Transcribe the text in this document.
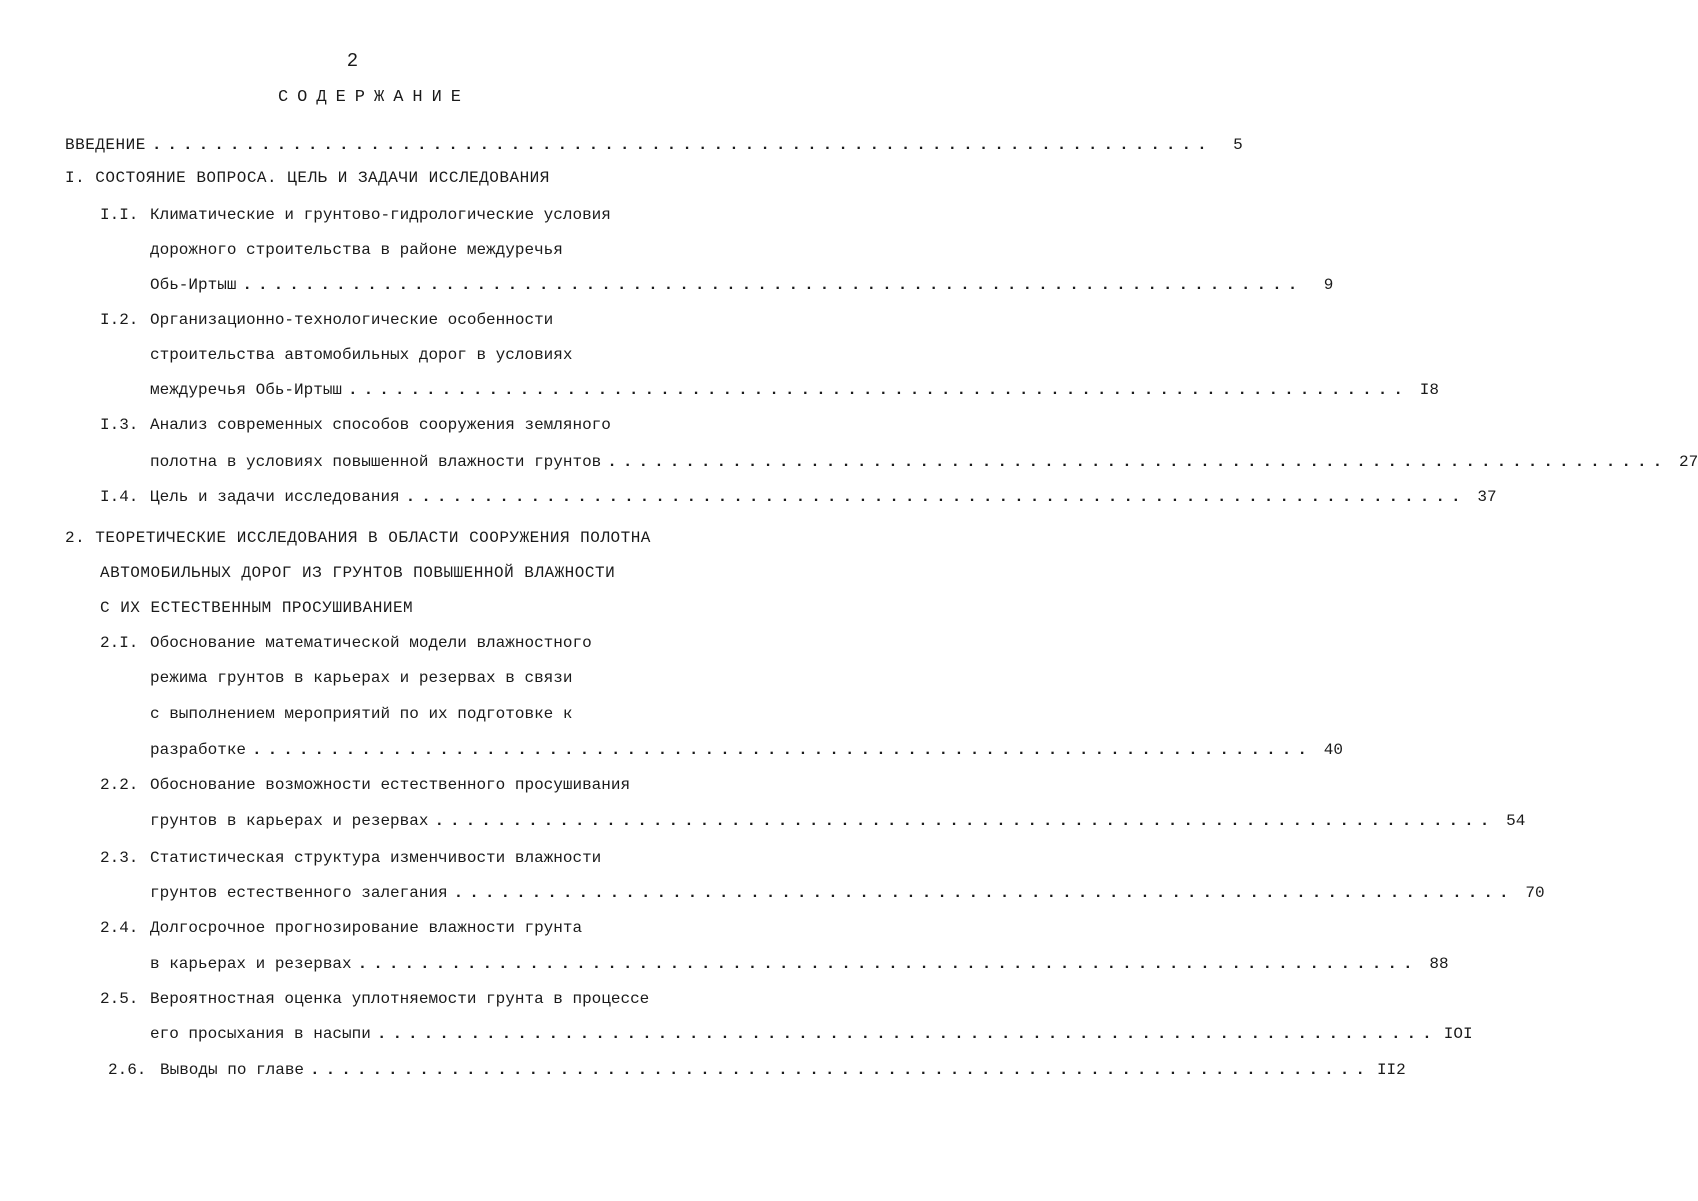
2
СОДЕРЖАНИЕ
ВВЕДЕНИЕ ....................................................................	5
I. СОСТОЯНИЕ ВОПРОСА. ЦЕЛЬ И ЗАДАЧИ ИССЛЕДОВАНИЯ
I.I. Климатические и грунтово-гидрологические условия
дорожного строительства в районе междуречья
Обь-Иртыш ....................................................................	9
I.2. Организационно-технологические особенности
строительства автомобильных дорог в условиях
междуречья Обь-Иртыш .................................................................... I8
I.3. Анализ современных способов сооружения земляного
полотна в условиях повышенной влажности грунтов .................................................................... 27
I.4. Цель и задачи исследования .................................................................... 37
2. ТЕОРЕТИЧЕСКИЕ ИССЛЕДОВАНИЯ В ОБЛАСТИ СООРУЖЕНИЯ ПОЛОТНА
АВТОМОБИЛЬНЫХ ДОРОГ ИЗ ГРУНТОВ ПОВЫШЕННОЙ ВЛАЖНОСТИ
С ИХ ЕСТЕСТВЕННЫМ ПРОСУШИВАНИЕМ
2.I. Обоснование математической модели влажностного
режима грунтов в карьерах и резервах в связи
с выполнением мероприятий по их подготовке к
разработке .................................................................... 40
2.2. Обоснование возможности естественного просушивания
грунтов в карьерах и резервах .................................................................... 54
2.3. Статистическая структура изменчивости влажности
грунтов естественного залегания .................................................................... 70
2.4. Долгосрочное прогнозирование влажности грунта
в карьерах и резервах .................................................................... 88
2.5. Вероятностная оценка уплотняемости грунта в процессе
его просыхания в насыпи .................................................................... IOI
2.6. Выводы по главе .................................................................... II2
